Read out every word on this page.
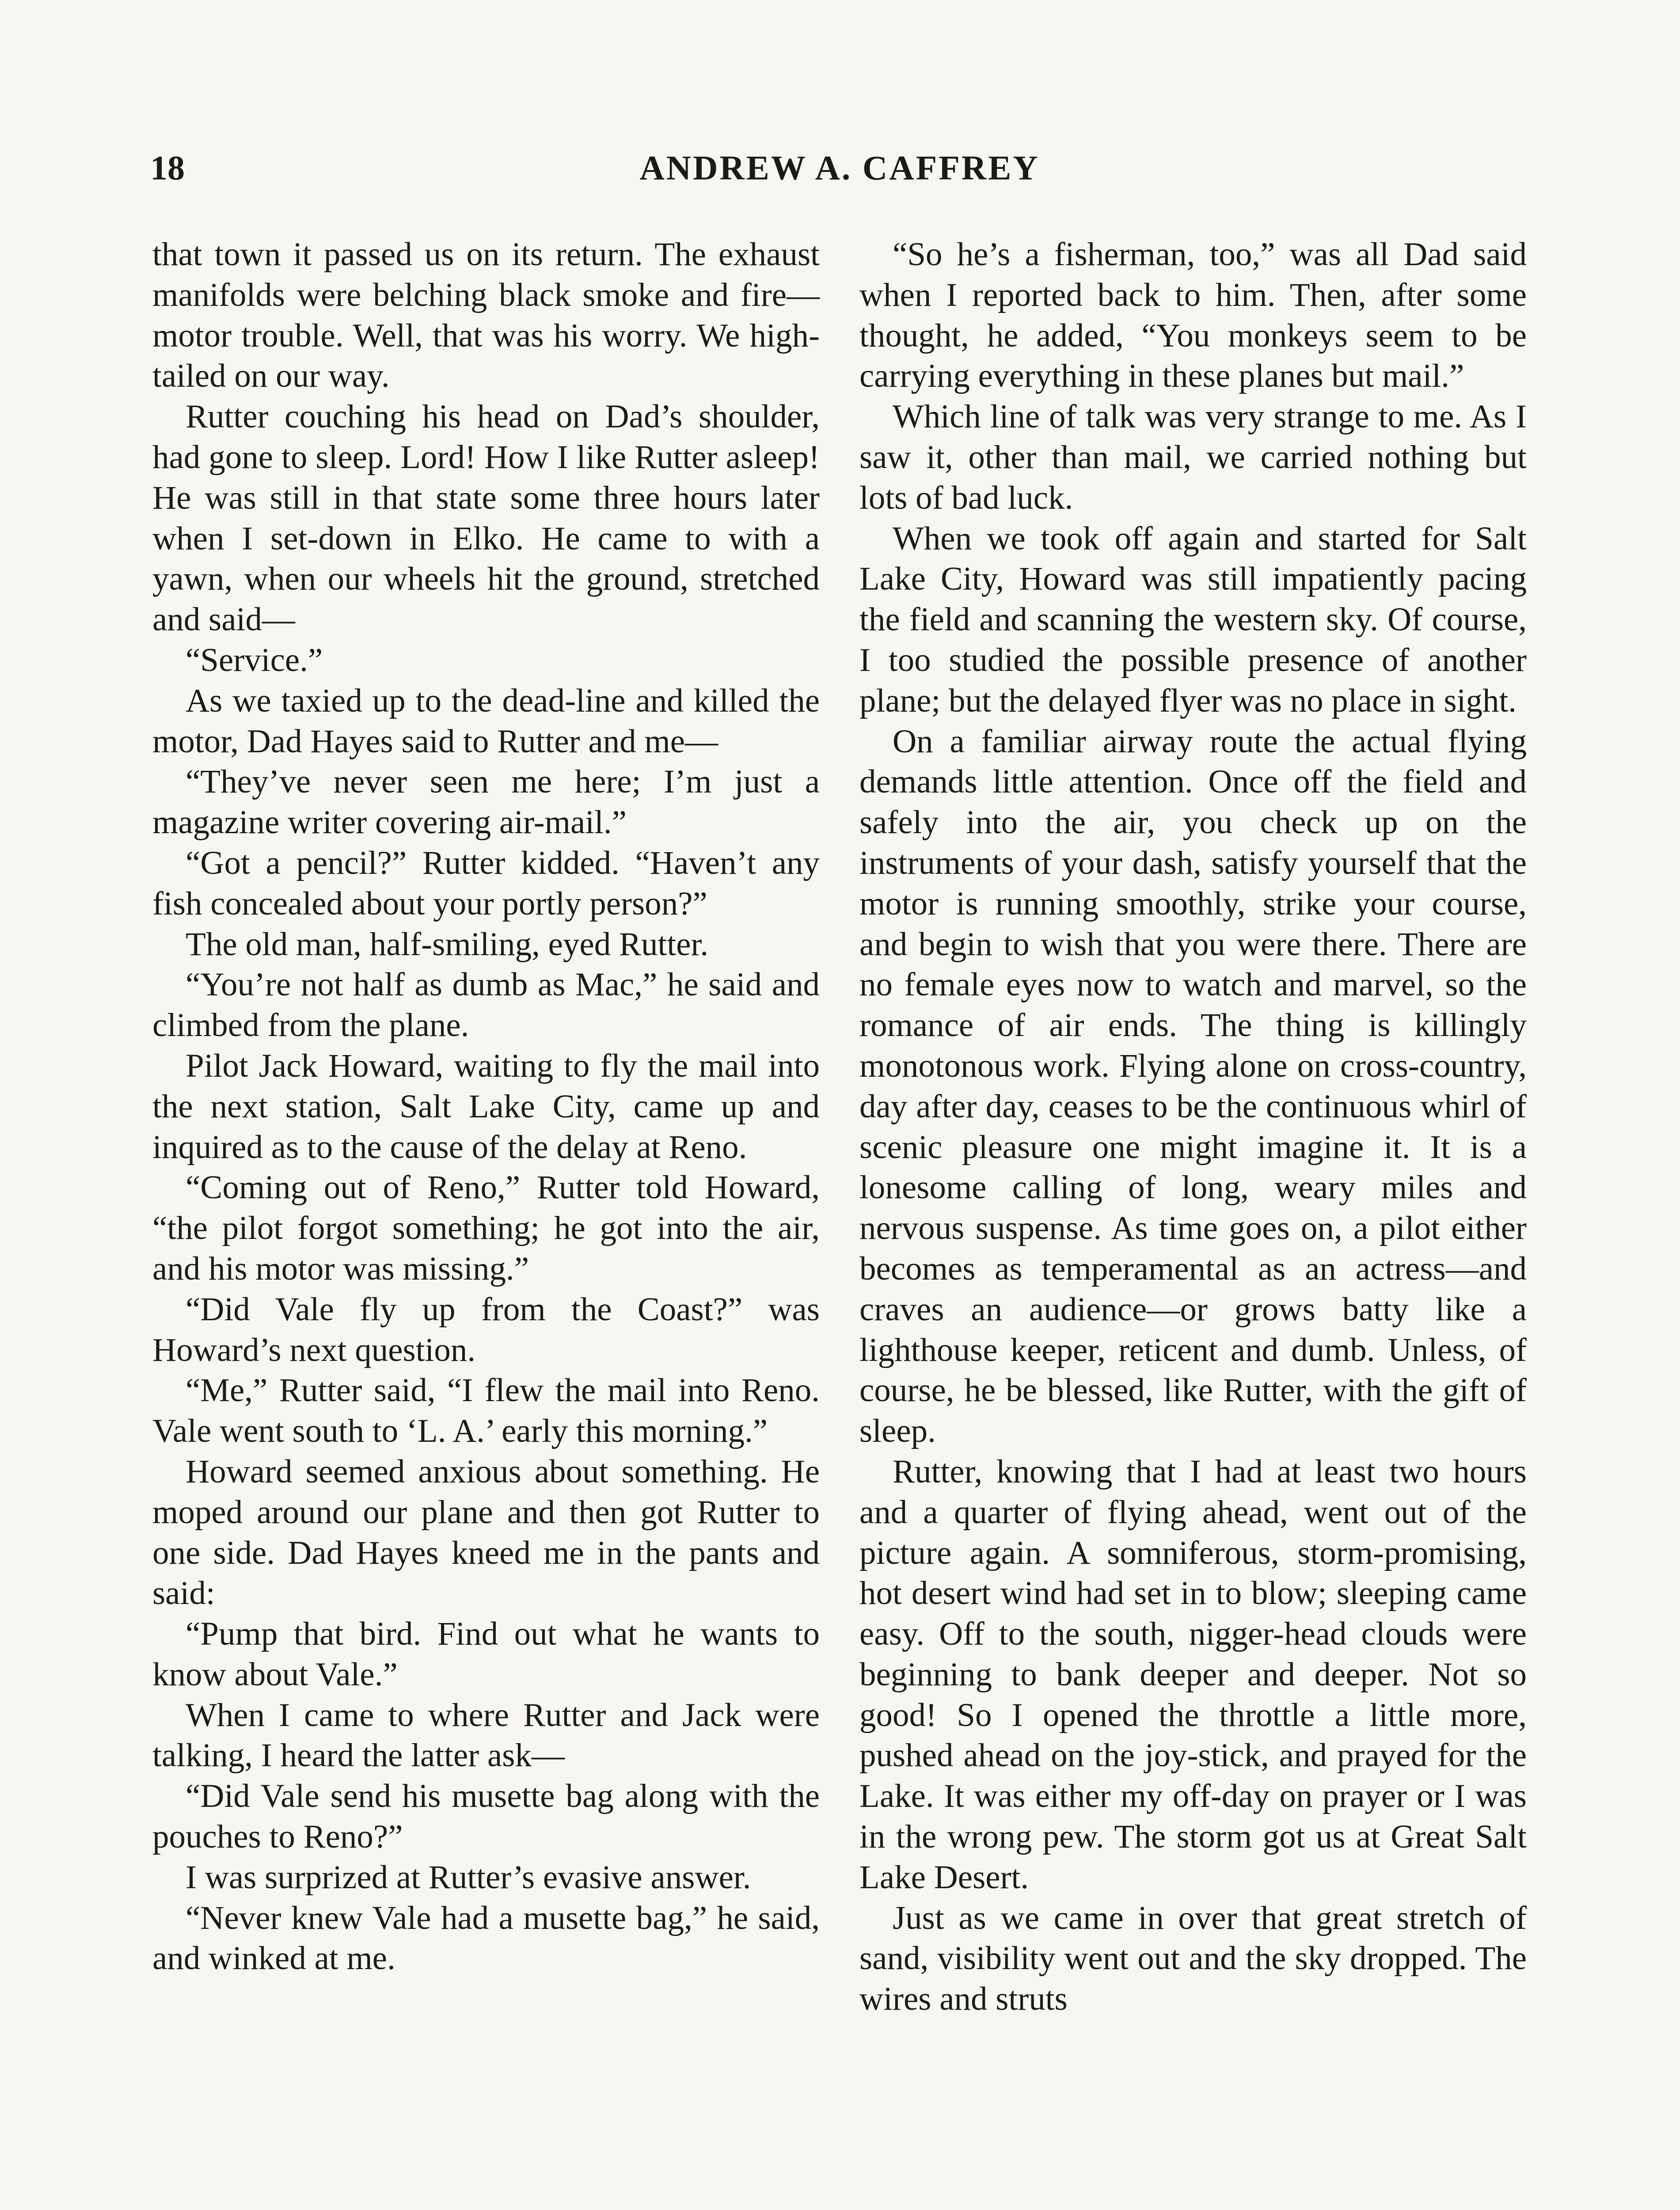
18	ANDREW A. CAFFREY

that town it passed us on its return. The exhaust manifolds were belching black smoke and fire—motor trouble. Well, that was his worry. We high-tailed on our way.

Rutter couching his head on Dad’s shoulder, had gone to sleep. Lord! How I like Rutter asleep! He was still in that state some three hours later when I set-down in Elko. He came to with a yawn, when our wheels hit the ground, stretched and said—

“Service.”

As we taxied up to the dead-line and killed the motor, Dad Hayes said to Rutter and me—

“They’ve never seen me here; I’m just a magazine writer covering air-mail.”

“Got a pencil?” Rutter kidded. “Haven’t any fish concealed about your portly person?”

The old man, half-smiling, eyed Rutter.

“You’re not half as dumb as Mac,” he said and climbed from the plane.

Pilot Jack Howard, waiting to fly the mail into the next station, Salt Lake City, came up and inquired as to the cause of the delay at Reno.

“Coming out of Reno,” Rutter told Howard, “the pilot forgot something; he got into the air, and his motor was missing.”

“Did Vale fly up from the Coast?” was Howard’s next question.

“Me,” Rutter said, “I flew the mail into Reno. Vale went south to ‘L. A.’ early this morning.”

Howard seemed anxious about something. He moped around our plane and then got Rutter to one side. Dad Hayes kneed me in the pants and said:

“Pump that bird. Find out what he wants to know about Vale.”

When I came to where Rutter and Jack were talking, I heard the latter ask—

“Did Vale send his musette bag along with the pouches to Reno?”

I was surprized at Rutter’s evasive answer.

“Never knew Vale had a musette bag,” he said, and winked at me.

“So he’s a fisherman, too,” was all Dad said when I reported back to him. Then, after some thought, he added, “You monkeys seem to be carrying everything in these planes but mail.”

Which line of talk was very strange to me. As I saw it, other than mail, we carried nothing but lots of bad luck.

When we took off again and started for Salt Lake City, Howard was still impatiently pacing the field and scanning the western sky. Of course, I too studied the possible presence of another plane; but the delayed flyer was no place in sight.

On a familiar airway route the actual flying demands little attention. Once off the field and safely into the air, you check up on the instruments of your dash, satisfy yourself that the motor is running smoothly, strike your course, and begin to wish that you were there. There are no female eyes now to watch and marvel, so the romance of air ends. The thing is killingly monotonous work. Flying alone on cross-country, day after day, ceases to be the continuous whirl of scenic pleasure one might imagine it. It is a lonesome calling of long, weary miles and nervous suspense. As time goes on, a pilot either becomes as temperamental as an actress—and craves an audience—or grows batty like a lighthouse keeper, reticent and dumb. Unless, of course, he be blessed, like Rutter, with the gift of sleep.

Rutter, knowing that I had at least two hours and a quarter of flying ahead, went out of the picture again. A somniferous, storm-promising, hot desert wind had set in to blow; sleeping came easy. Off to the south, nigger-head clouds were beginning to bank deeper and deeper. Not so good! So I opened the throttle a little more, pushed ahead on the joy-stick, and prayed for the Lake. It was either my off-day on prayer or I was in the wrong pew. The storm got us at Great Salt Lake Desert.

Just as we came in over that great stretch of sand, visibility went out and the sky dropped. The wires and struts
